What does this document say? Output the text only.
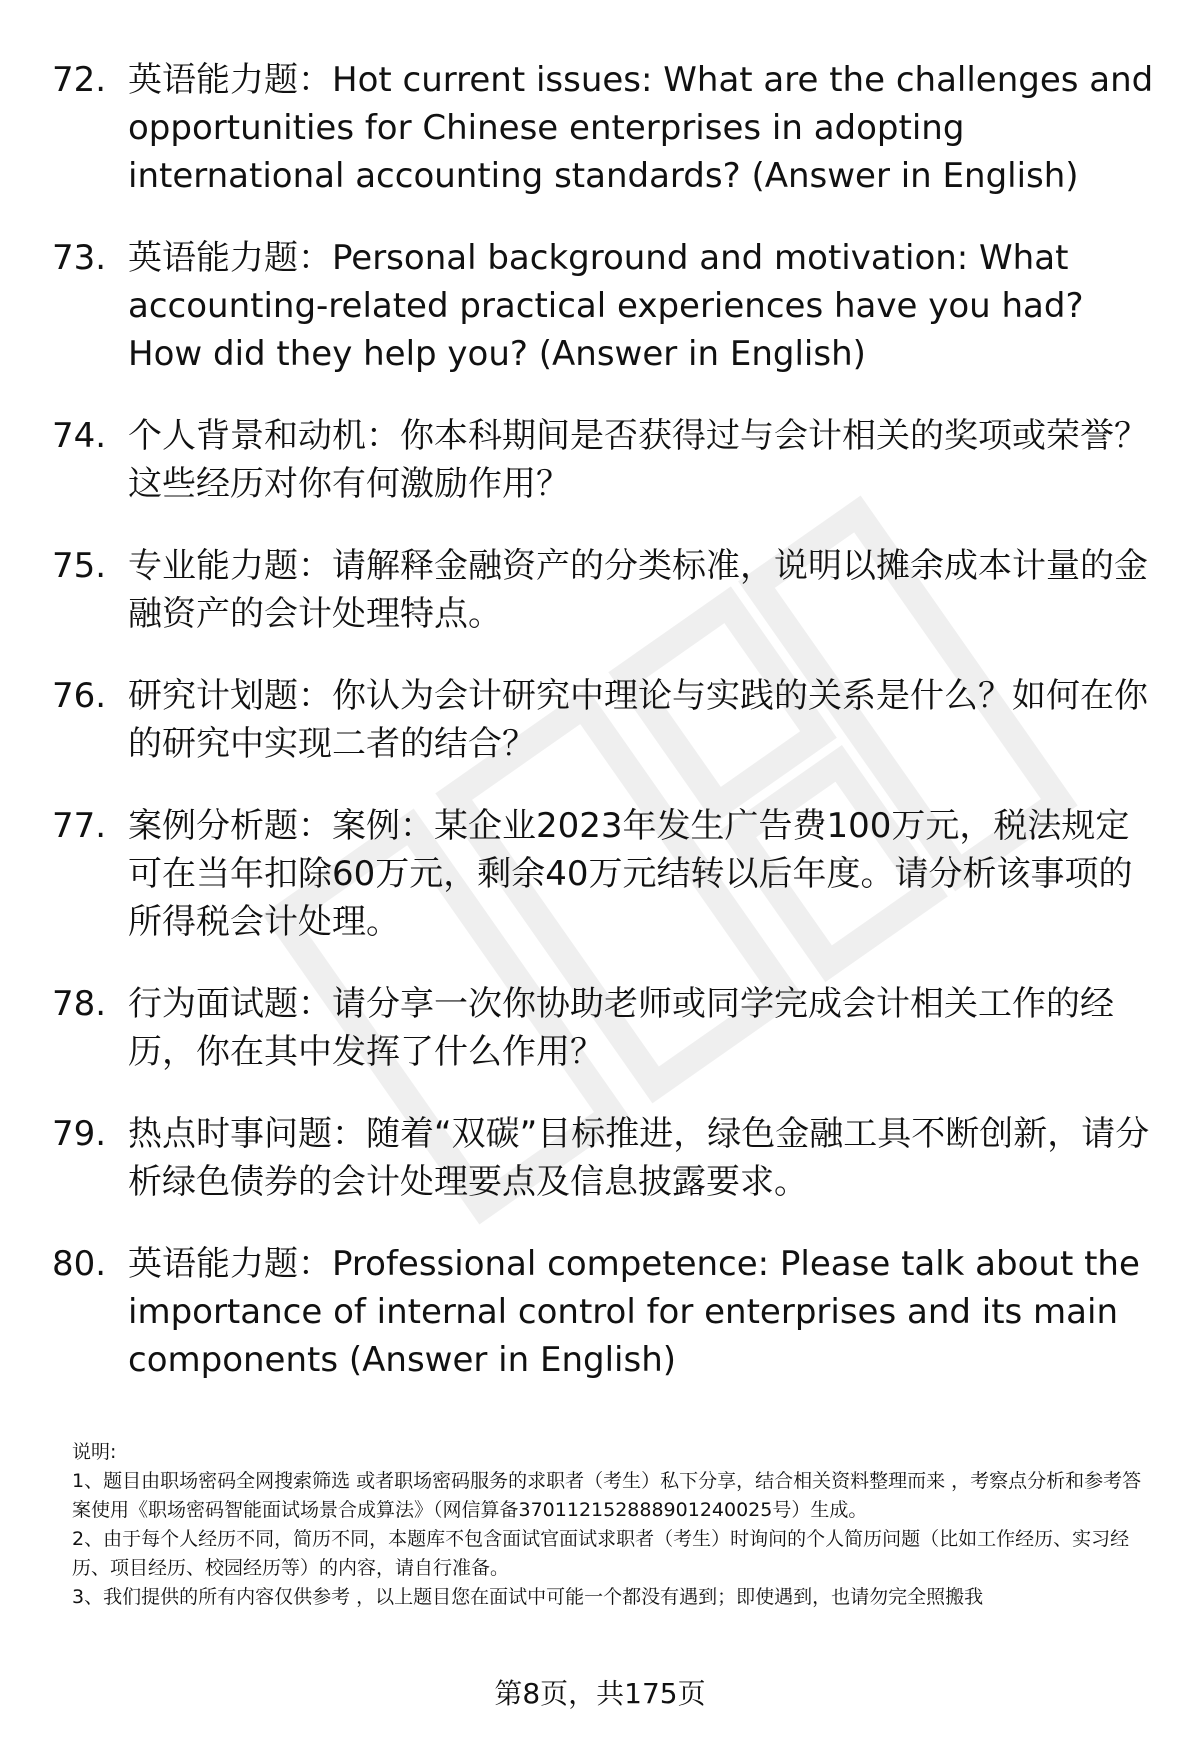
72. 英语能力题：Hot current issues: What are the challenges and opportunities for Chinese enterprises in adopting international accounting standards? (Answer in English)
73. 英语能力题：Personal background and motivation: What accounting-related practical experiences have you had? How did they help you? (Answer in English)
74. 个人背景和动机：你本科期间是否获得过与会计相关的奖项或荣誉？这些经历对你有何激励作用？
75. 专业能力题：请解释金融资产的分类标准，说明以摊余成本计量的金融资产的会计处理特点。
76. 研究计划题：你认为会计研究中理论与实践的关系是什么？如何在你的研究中实现二者的结合？
77. 案例分析题：案例：某企业2023年发生广告费100万元，税法规定可在当年扣除60万元，剩余40万元结转以后年度。请分析该事项的所得税会计处理。
78. 行为面试题：请分享一次你协助老师或同学完成会计相关工作的经历，你在其中发挥了什么作用？
79. 热点时事问题：随着“双碳”目标推进，绿色金融工具不断创新，请分析绿色债券的会计处理要点及信息披露要求。
80. 英语能力题：Professional competence: Please talk about the importance of internal control for enterprises and its main components (Answer in English)

说明:

1、题目由职场密码全网搜索筛选 或者职场密码服务的求职者（考生）私下分享，结合相关资料整理而来 ，考察点分析和参考答案使用《职场密码智能面试场景合成算法》（网信算备370112152888901240025号）生成。

2、由于每个人经历不同，简历不同，本题库不包含面试官面试求职者（考生）时询问的个人简历问题（比如工作经历、实习经历、项目经历、校园经历等）的内容，请自行准备。

3、我们提供的所有内容仅供参考 ，以上题目您在面试中可能一个都没有遇到；即使遇到，也请勿完全照搬我

第8页，共175页
